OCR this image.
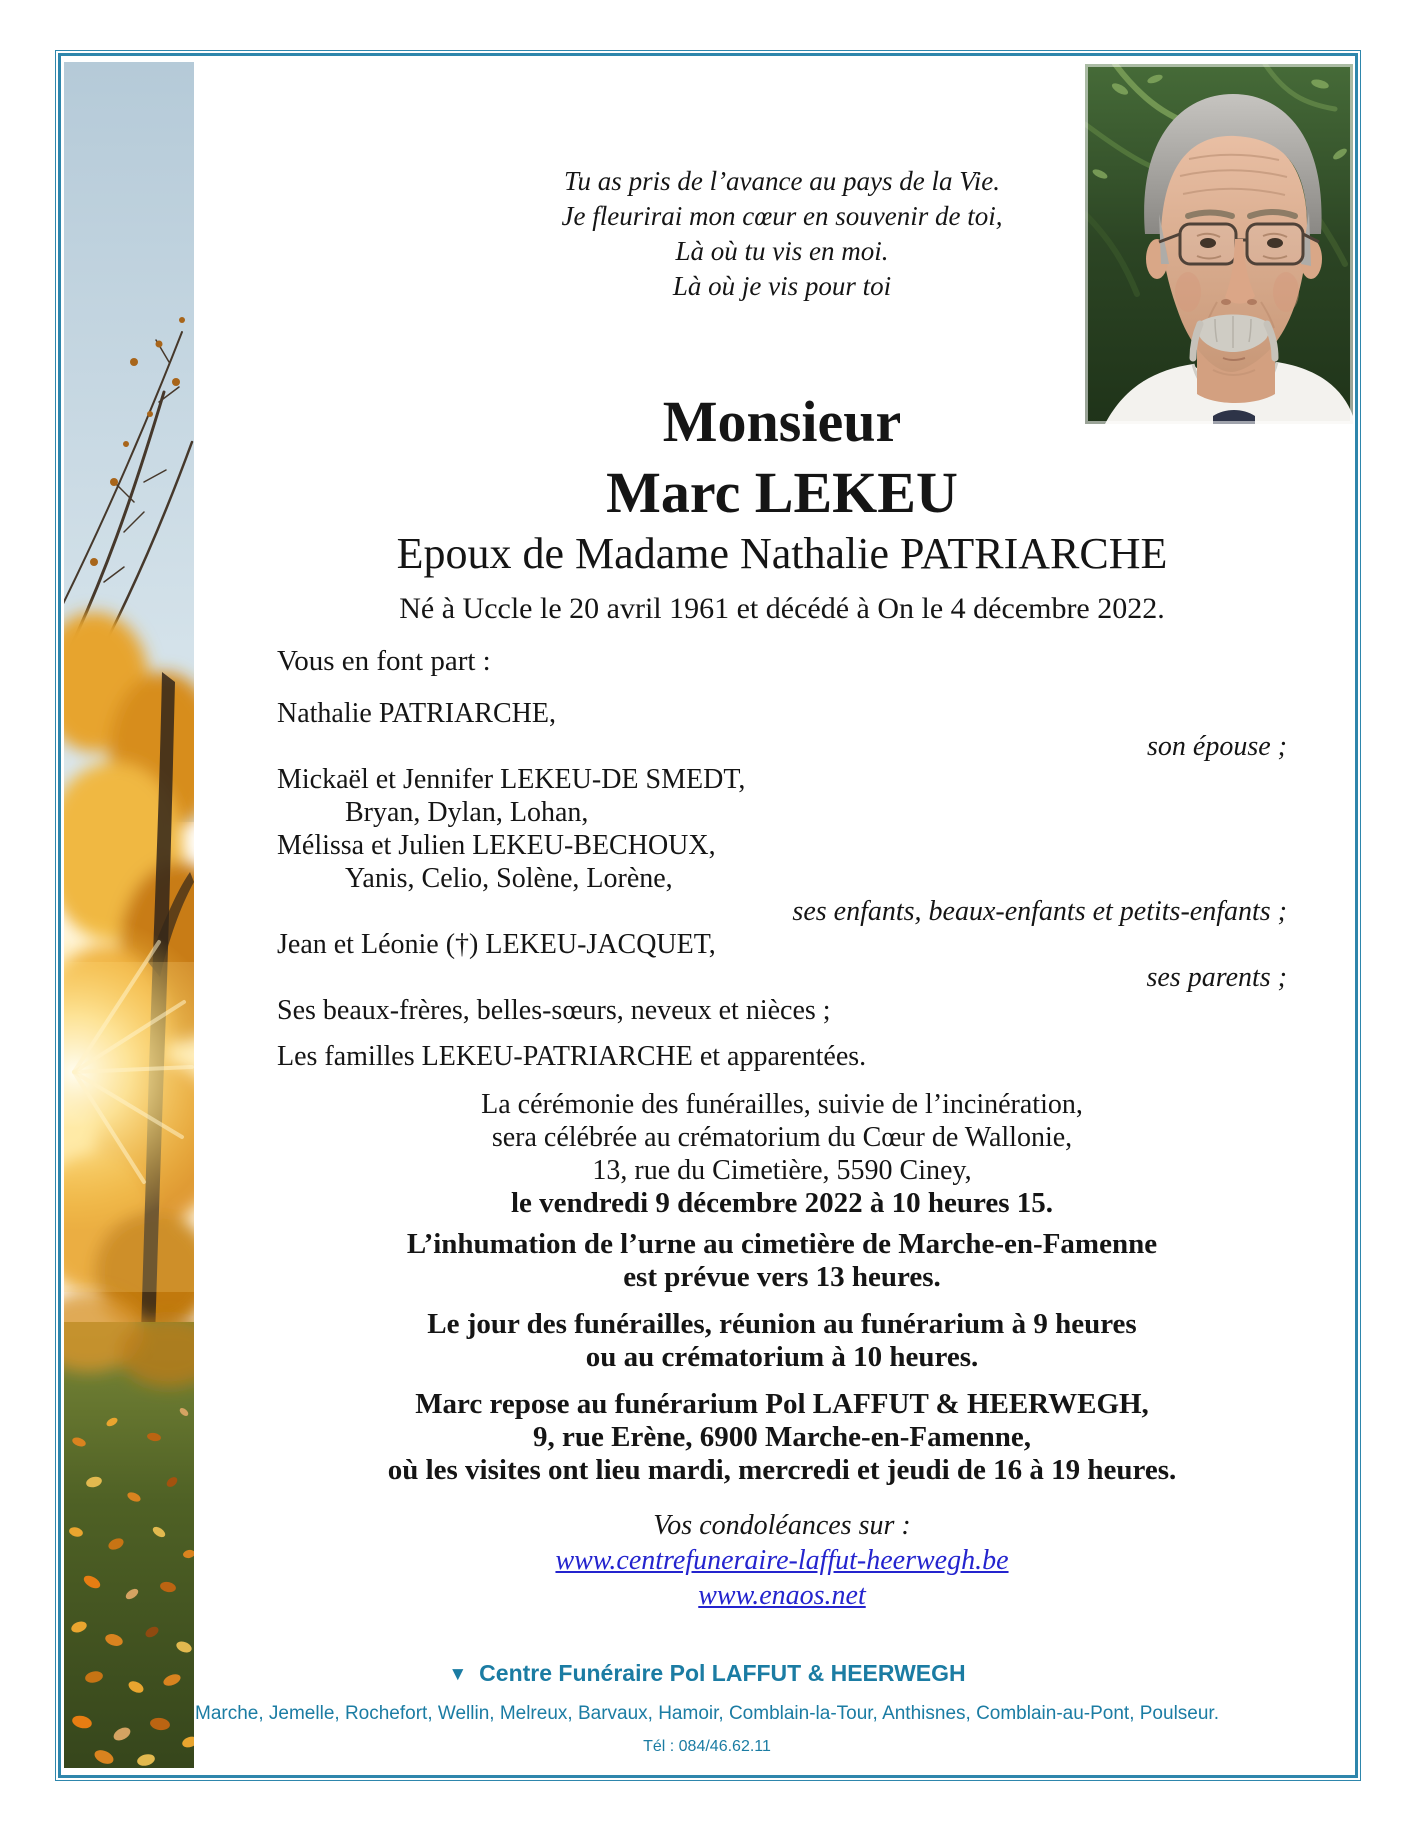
Tu as pris de l’avance au pays de la Vie.
Je fleurirai mon cœur en souvenir de toi,
Là où tu vis en moi.
Là où je vis pour toi
Monsieur
Marc LEKEU
Epoux de Madame Nathalie PATRIARCHE
Né à Uccle le 20 avril 1961 et décédé à On le 4 décembre 2022.
Vous en font part :
Nathalie PATRIARCHE,
son épouse ;
Mickaël et Jennifer LEKEU-DE SMEDT,
Bryan, Dylan, Lohan,
Mélissa et Julien LEKEU-BECHOUX,
Yanis, Celio, Solène, Lorène,
ses enfants, beaux-enfants et petits-enfants ;
Jean et Léonie (†) LEKEU-JACQUET,
ses parents ;
Ses beaux-frères, belles-sœurs, neveux et nièces ;
Les familles LEKEU-PATRIARCHE et apparentées.
La cérémonie des funérailles, suivie de l’incinération,
sera célébrée au crématorium du Cœur de Wallonie,
13, rue du Cimetière, 5590 Ciney,
le vendredi 9 décembre 2022 à 10 heures 15.
L’inhumation de l’urne au cimetière de Marche-en-Famenne
est prévue vers 13 heures.
Le jour des funérailles, réunion au funérarium à 9 heures
ou au crématorium à 10 heures.
Marc repose au funérarium Pol LAFFUT & HEERWEGH,
9, rue Erène, 6900 Marche-en-Famenne,
où les visites ont lieu mardi, mercredi et jeudi de 16 à 19 heures.
Vos condoléances sur :
www.centrefuneraire-laffut-heerwegh.be
www.enaos.net
▼ Centre Funéraire Pol LAFFUT & HEERWEGH
Marche, Jemelle, Rochefort, Wellin, Melreux, Barvaux, Hamoir, Comblain-la-Tour, Anthisnes, Comblain-au-Pont, Poulseur.
Tél : 084/46.62.11
